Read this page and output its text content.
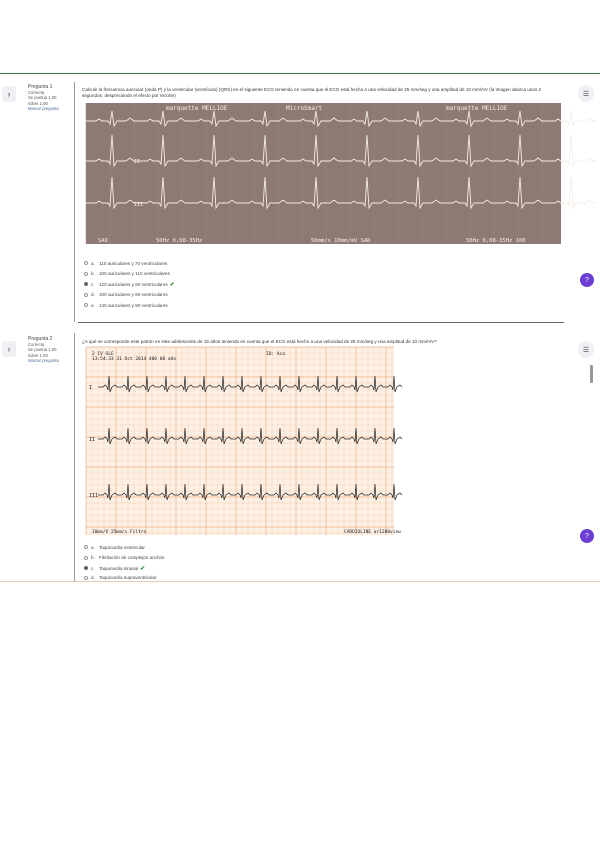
›
Pregunta 1
Correcta
Se puntúa 1,00 sobre 1,00
Marcar pregunta
Calcule la frecuencia auricular (onda P) y la ventricular (ventrículo) (QRS) en el siguiente ECG teniendo en cuenta que el ECG está hecho a una velocidad de 25 mm/seg y una amplitud de 10 mm/mV (la imagen abarca unos 2 segundos, despreciando el efecto por recorte)
marquette MELLIOE	MicroSmart	marquette MELLIOE
II
III
SAD	50Hz 0,08-35Hz	50mm/s 10mm/mV SAD	50Hz 0,08-35Hz 100
a. 110 auriculares y 70 ventriculares
b. 100 auriculares y 110 ventriculares
c. 120 auriculares y 80 ventriculares ✔
d. 100 auriculares y 80 ventriculares
e. 140 auriculares y 80 ventriculares
☰
?
›
Pregunta 2
Correcta
Se puntúa 1,00 sobre 1,00
Marcar pregunta
¿A qué se corresponde este patrón en este adolescente de 15 años teniendo en cuenta que el ECG está hecho a una velocidad de 25 mm/seg y una amplitud de 10 mm/mV?
2 IV GLE
13:54:33 31 Oct 2014 400 00 año
ID: Aca
I
II
III
10mm/V 25mm/s Filtro	CARDIOLINE ar1200view
a. Taquicardia ventricular
b. Fibrilación de complejos anchos
c. Taquicardia sinusal ✔
d. Taquicardia supraventricular
☰
?
